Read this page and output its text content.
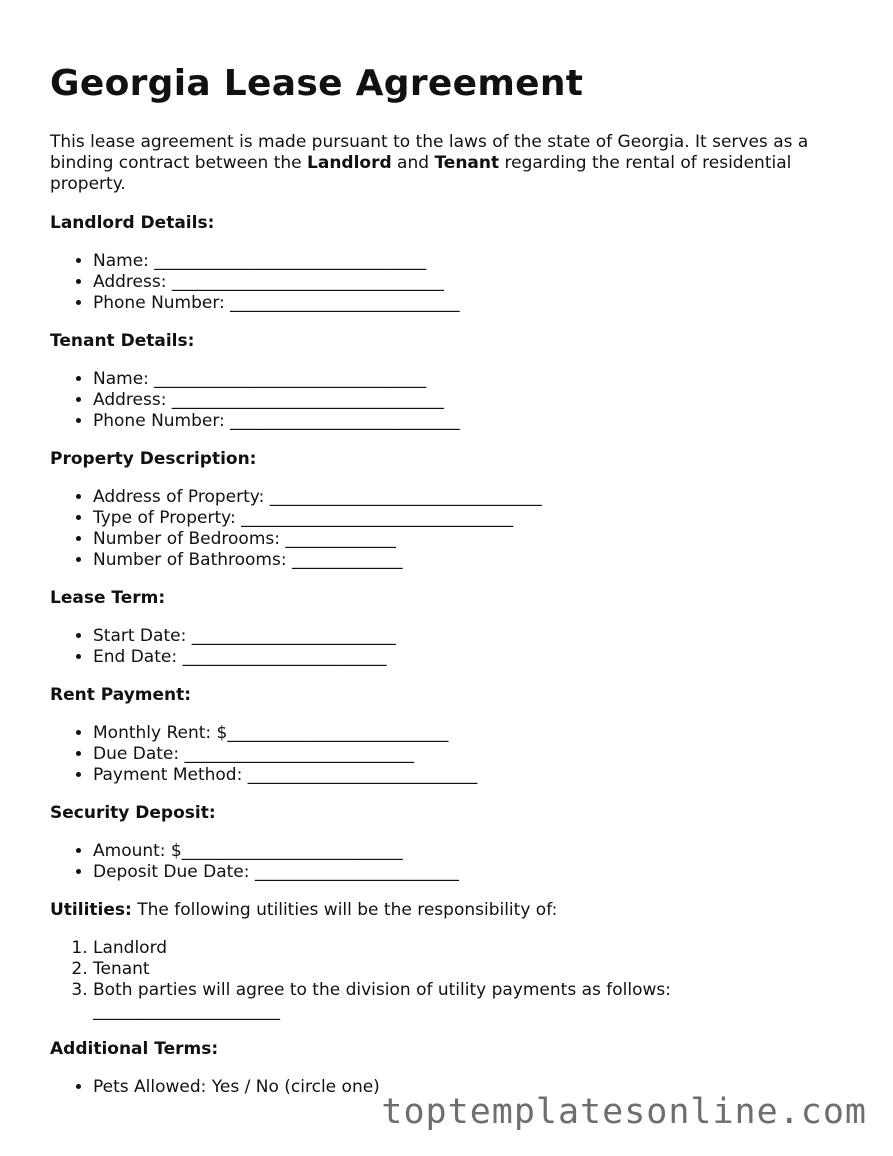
Georgia Lease Agreement

This lease agreement is made pursuant to the laws of the state of Georgia. It serves as a binding contract between the Landlord and Tenant regarding the rental of residential property.

Landlord Details:
• Name: ________________________________
• Address: ________________________________
• Phone Number: ___________________________
Tenant Details:
• Name: ________________________________
• Address: ________________________________
• Phone Number: ___________________________
Property Description:
• Address of Property: ________________________________
• Type of Property: ________________________________
• Number of Bedrooms: _____________
• Number of Bathrooms: _____________
Lease Term:
• Start Date: ________________________
• End Date: ________________________
Rent Payment:
• Monthly Rent: $__________________________
• Due Date: ___________________________
• Payment Method: ___________________________
Security Deposit:
• Amount: $__________________________
• Deposit Due Date: ________________________
Utilities: The following utilities will be the responsibility of:
1. Landlord
2. Tenant
3. Both parties will agree to the division of utility payments as follows:
______________________
Additional Terms:
• Pets Allowed: Yes / No (circle one)
toptemplatesonline.com
